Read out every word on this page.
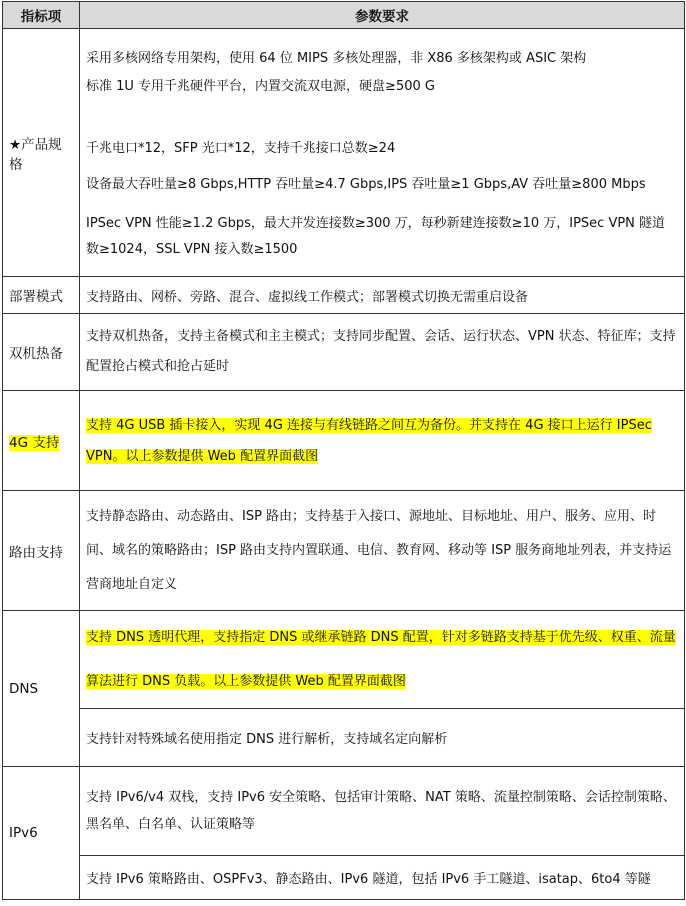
指标项	参数要求
★产品规格	采用多核网络专用架构，使用 64 位 MIPS 多核处理器，非 X86 多核架构或 ASIC 架构
标准 1U 专用千兆硬件平台，内置交流双电源，硬盘≥500 G
千兆电口*12，SFP 光口*12，支持千兆接口总数≥24
设备最大吞吐量≥8 Gbps,HTTP 吞吐量≥4.7 Gbps,IPS 吞吐量≥1 Gbps,AV 吞吐量≥800 Mbps
IPSec VPN 性能≥1.2 Gbps，最大并发连接数≥300 万，每秒新建连接数≥10 万，IPSec VPN 隧道数≥1024，SSL VPN 接入数≥1500

部署模式	支持路由、网桥、旁路、混合、虚拟线工作模式；部署模式切换无需重启设备
双机热备	支持双机热备，支持主备模式和主主模式；支持同步配置、会话、运行状态、VPN 状态、特征库；支持配置抢占模式和抢占延时
4G 支持	支持 4G USB 插卡接入，实现 4G 连接与有线链路之间互为备份。并支持在 4G 接口上运行 IPSec VPN。以上参数提供 Web 配置界面截图
路由支持	支持静态路由、动态路由、ISP 路由；支持基于入接口、源地址、目标地址、用户、服务、应用、时间、域名的策略路由；ISP 路由支持内置联通、电信、教育网、移动等 ISP 服务商地址列表，并支持运营商地址自定义
DNS	支持 DNS 透明代理，支持指定 DNS 或继承链路 DNS 配置，针对多链路支持基于优先级、权重、流量算法进行 DNS 负载。以上参数提供 Web 配置界面截图
支持针对特殊域名使用指定 DNS 进行解析，支持域名定向解析

IPv6	支持 IPv6/v4 双栈，支持 IPv6 安全策略、包括审计策略、NAT 策略、流量控制策略、会话控制策略、黑名单、白名单、认证策略等
支持 IPv6 策略路由、OSPFv3、静态路由、IPv6 隧道，包括 IPv6 手工隧道、isatap、6to4 等隧
